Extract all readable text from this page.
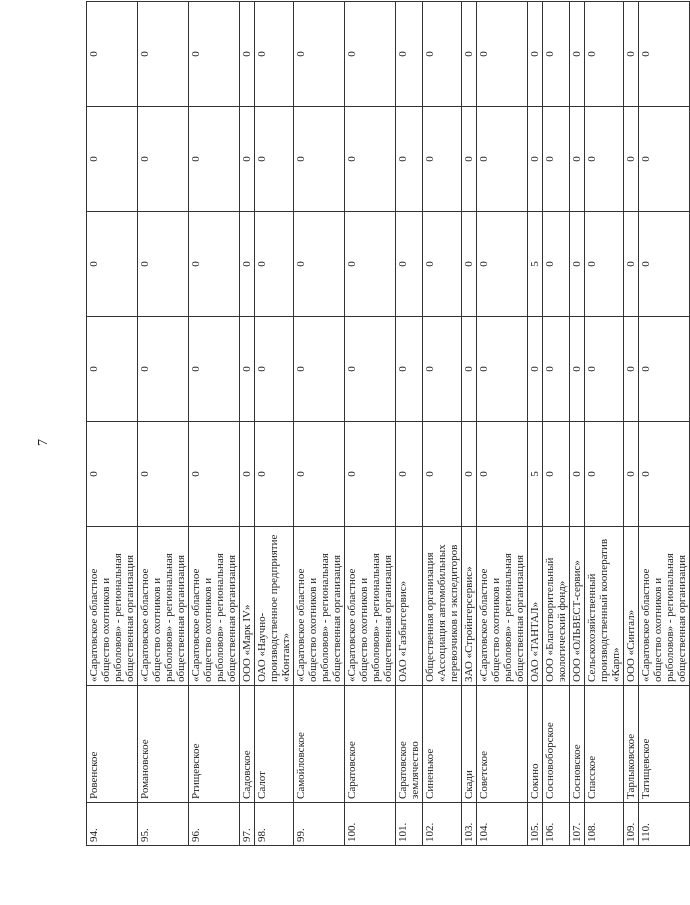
7
94.	Ровенское	«Саратовское областное общество охотников и рыболовов» - региональная общественная организация	0	0	0	0	0
95.	Романовское	«Саратовское областное общество охотников и рыболовов» - региональная общественная организация	0	0	0	0	0
96.	Ртищевское	«Саратовское областное общество охотников и рыболовов» - региональная общественная организация	0	0	0	0	0
97.	Садовское	ООО «Марк IV»	0	0	0	0	0
98.	Салот	ОАО «Научно-производственное предприятие «Контакт»	0	0	0	0	0
99.	Самойловское	«Саратовское областное общество охотников и рыболовов» - региональная общественная организация	0	0	0	0	0
100.	Саратовское	«Саратовское областное общество охотников и рыболовов» - региональная общественная организация	0	0	0	0	0
101.	Саратовское землячество	ОАО «Газбытсервис»	0	0	0	0	0
102.	Синенькое	Общественная организация «Ассоциация автомобильных перевозчиков и экспедиторов	0	0	0	0	0
103.	Скади	ЗАО «Стройнгерсервис»	0	0	0	0	0
104.	Советское	«Саратовское областное общество охотников и рыболовов» - региональная общественная организация	0	0	0	0	0
105.	Сокино	ОАО «ТАНТАЛ»	5	0	5	0	0
106.	Сосновоборское	ООО «Благотворительный экологический фонд»	0	0	0	0	0
107.	Сосновское	ООО «ОЛЬВЕСТ-сервис»	0	0	0	0	0
108.	Спасское	Сельскохозяйственный производственный кооператив «Карп»	0	0	0	0	0
109.	Тарлыковское	ООО «Синтал»	0	0	0	0	0
110.	Татищевское	«Саратовское областное общество охотников и рыболовов» - региональная общественная организация	0	0	0	0	0
